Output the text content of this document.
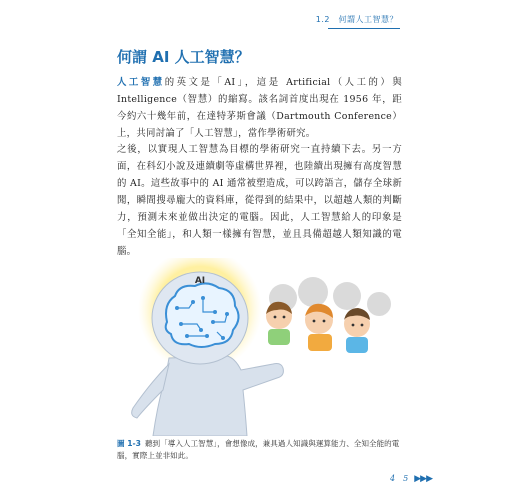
1.2　何謂人工智慧？
何謂 AI 人工智慧？

人工智慧的英文是「AI」，這是 Artificial（人工的）與 Intelligence（智慧）的縮寫。該名詞首度出現在 1956 年，距今約六十幾年前，在達特茅斯會議（Dartmouth Conference）上，共同討論了「人工智慧」，當作學術研究。

之後，以實現人工智慧為目標的學術研究一直持續下去。另一方面，在科幻小說及連續劇等虛構世界裡，也陸續出現擁有高度智慧的 AI。這些故事中的 AI 通常被塑造成，可以跨語言，儲存全球新聞，瞬間搜尋龐大的資料庫，從得到的結果中，以超越人類的判斷力，預測未來並做出決定的電腦。因此，人工智慧給人的印象是「全知全能」，和人類一樣擁有智慧，並且具備超越人類知識的電腦。

AI

圖 1-3 聽到「導入人工智慧」，會想像成，兼具過人知識與運算能力、全知全能的電腦，實際上並非如此。

4　5 ▶▶▶
